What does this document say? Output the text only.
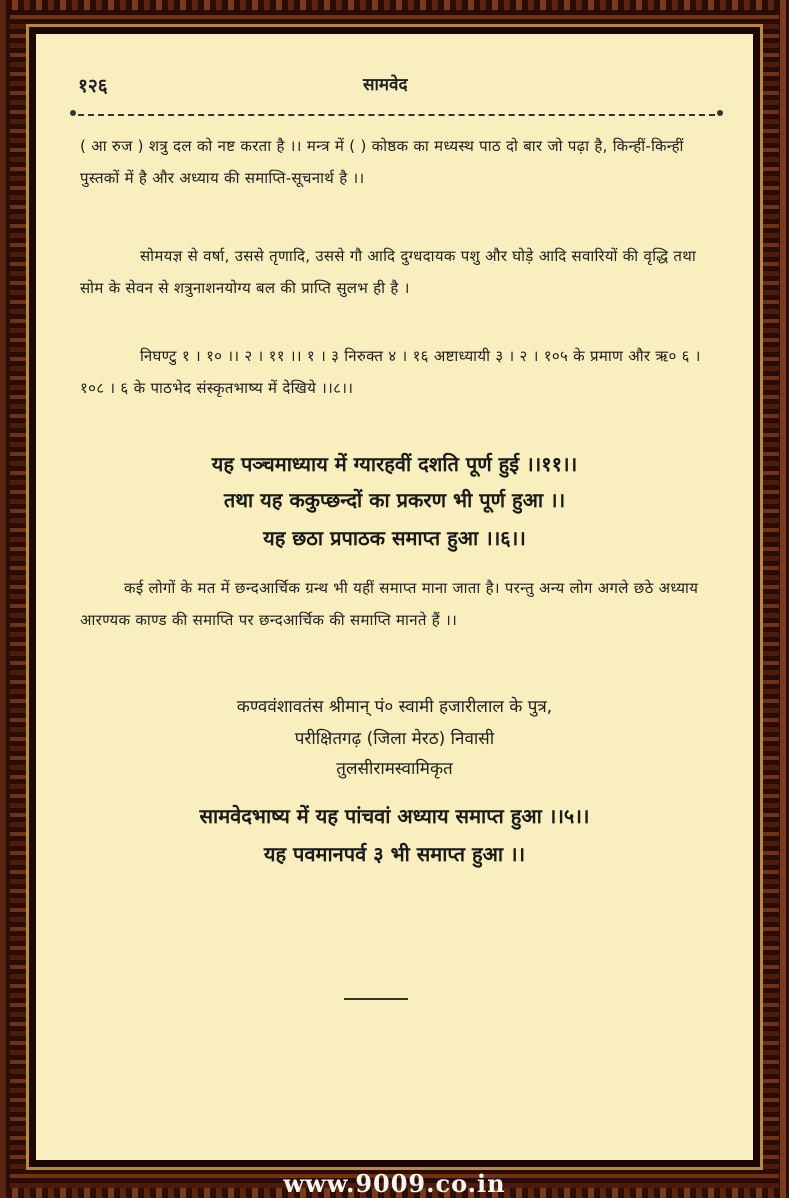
१२६	सामवेद
( आ रुज ) शत्रु दल को नष्ट करता है ।। मन्त्र में ( ) कोष्ठक का मध्यस्थ पाठ दो बार जो पढ़ा है, किन्हीं-किन्हीं पुस्तकों में है और अध्याय की समाप्ति-सूचनार्थ है ।।
सोमयज्ञ से वर्षा, उससे तृणादि, उससे गौ आदि दुग्धदायक पशु और घोड़े आदि सवारियों की वृद्धि तथा सोम के सेवन से शत्रुनाशनयोग्य बल की प्राप्ति सुलभ ही है ।
निघण्टु १ । १० ।। २ । ११ ।। १ । ३ निरुक्त ४ । १६ अष्टाध्यायी ३ । २ । १०५ के प्रमाण और ऋ० ६ । १०८ । ६ के पाठभेद संस्कृतभाष्य में देखिये ।।८।।
यह पञ्चमाध्याय में ग्यारहवीं दशति पूर्ण हुई ।।११।।
तथा यह ककुप्छन्दों का प्रकरण भी पूर्ण हुआ ।।
यह छठा प्रपाठक समाप्त हुआ ।।६।।
कई लोगों के मत में छन्दआर्चिक ग्रन्थ भी यहीं समाप्त माना जाता है। परन्तु अन्य लोग अगले छठे अध्याय आरण्यक काण्ड की समाप्ति पर छन्दआर्चिक की समाप्ति मानते हैं ।।
कण्ववंशावतंस श्रीमान् पं० स्वामी हजारीलाल के पुत्र,
परीक्षितगढ़ (जिला मेरठ) निवासी
तुलसीरामस्वामिकृत
सामवेदभाष्य में यह पांचवां अध्याय समाप्त हुआ ।।५।।
यह पवमानपर्व ३ भी समाप्त हुआ ।।
www.9009.co.in
